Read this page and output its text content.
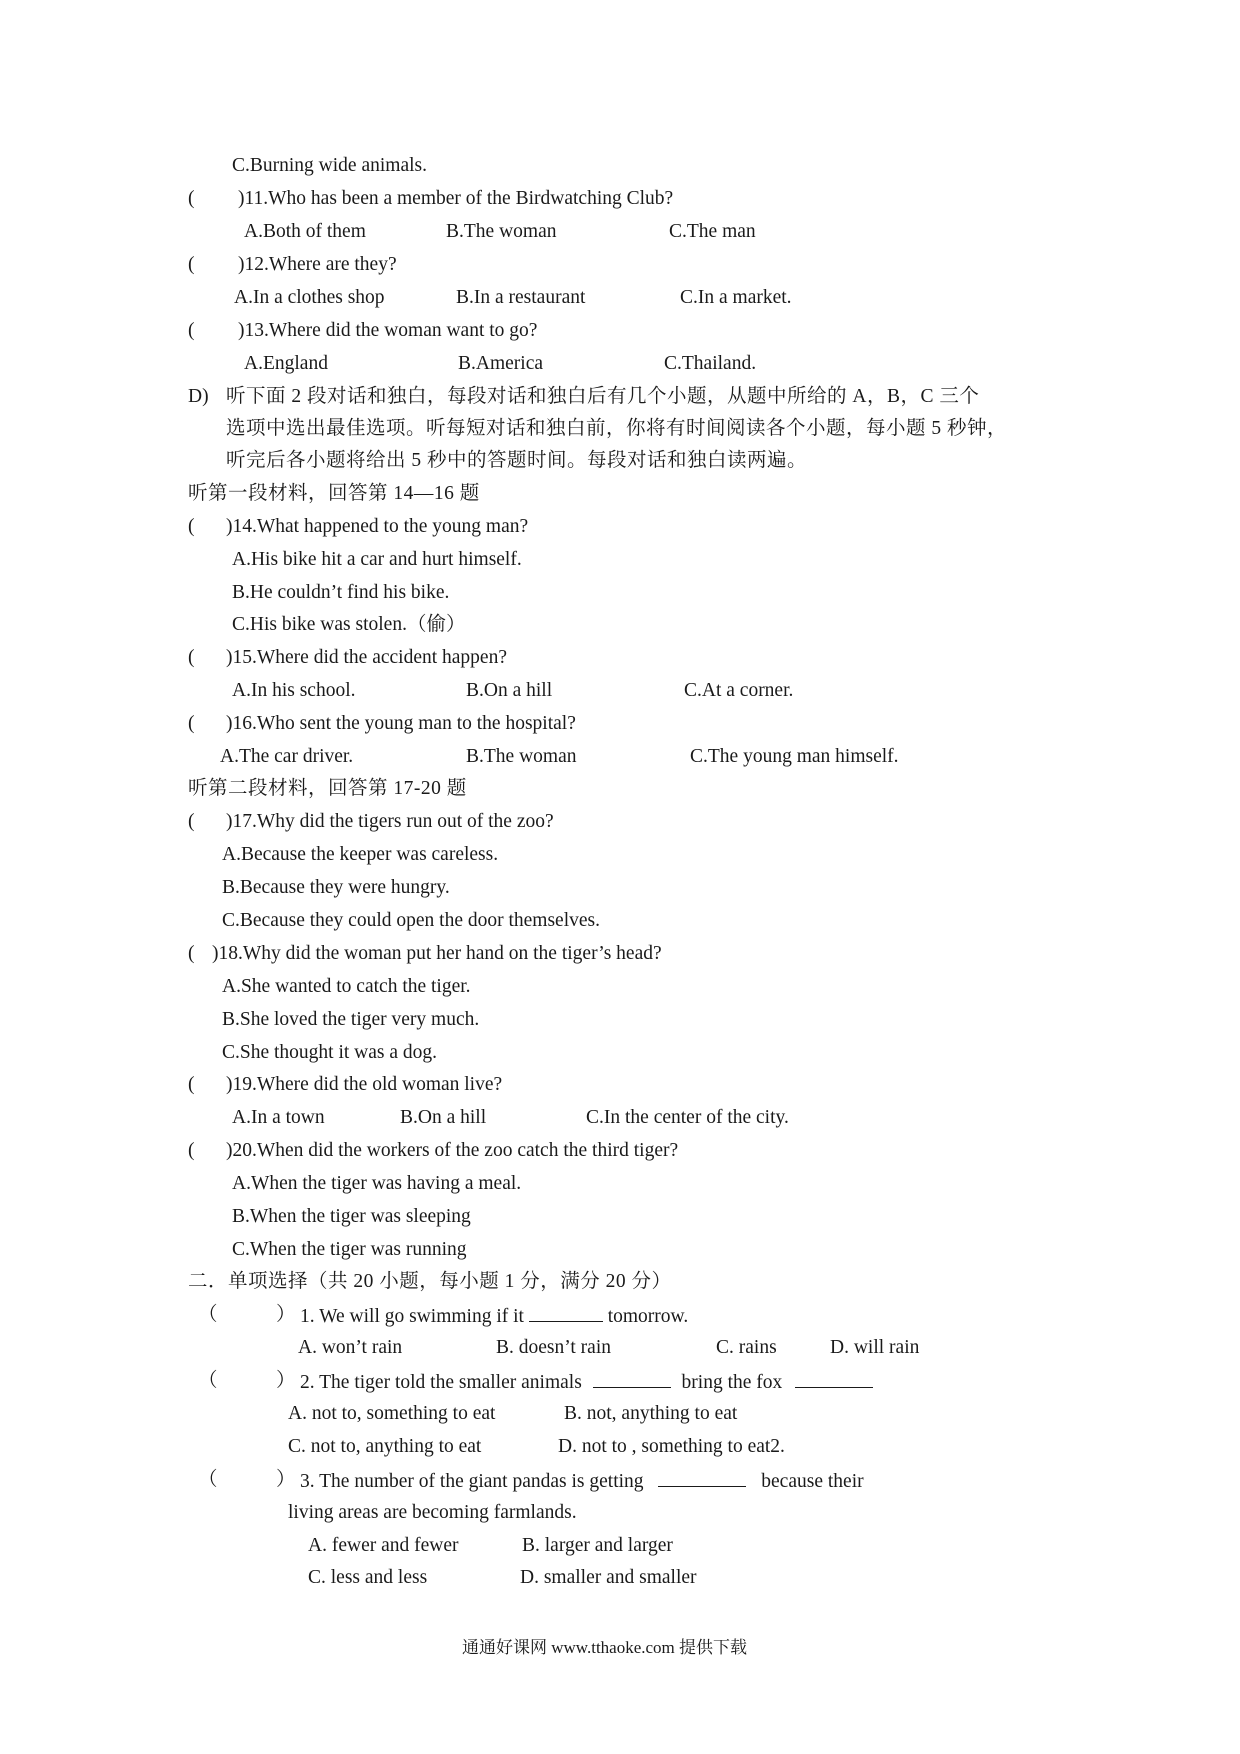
C.Burning wide animals.
( )11.Who has been a member of the Birdwatching Club?
A.Both of them	B.The woman	C.The man
( )12.Where are they?
A.In a clothes shop	B.In a restaurant	C.In a market.
( )13.Where did the woman want to go?
A.England	B.America	C.Thailand.
D) 听下面 2 段对话和独白，每段对话和独白后有几个小题，从题中所给的 A，B，C 三个
选项中选出最佳选项。听每短对话和独白前，你将有时间阅读各个小题，每小题 5 秒钟，
听完后各小题将给出 5 秒中的答题时间。每段对话和独白读两遍。
听第一段材料，回答第 14—16 题
( )14.What happened to the young man?
A.His bike hit a car and hurt himself.
B.He couldn’t find his bike.
C.His bike was stolen.（偷）
( )15.Where did the accident happen?
A.In his school.	B.On a hill	C.At a corner.
( )16.Who sent the young man to the hospital?
A.The car driver.	B.The woman	C.The young man himself.
听第二段材料，回答第 17-20 题
( )17.Why did the tigers run out of the zoo?
A.Because the keeper was careless.
B.Because they were hungry.
C.Because they could open the door themselves.
( )18.Why did the woman put her hand on the tiger’s head?
A.She wanted to catch the tiger.
B.She loved the tiger very much.
C.She thought it was a dog.
( )19.Where did the old woman live?
A.In a town	B.On a hill	C.In the center of the city.
( )20.When did the workers of the zoo catch the third tiger?
A.When the tiger was having a meal.
B.When the tiger was sleeping
C.When the tiger was running
二．单项选择（共 20 小题，每小题 1 分，满分 20 分）
（	） 1. We will go swimming if it	tomorrow.
A. won’t rain	B. doesn’t rain	C. rains	D. will rain
（	） 2. The tiger told the smaller animals	bring the fox
A. not to, something to eat	B. not, anything to eat
C. not to, anything to eat	D. not to , something to eat2.
（	） 3. The number of the giant pandas is getting	because their
living areas are becoming farmlands.
A. fewer and fewer	B. larger and larger
C. less and less	D. smaller and smaller
通通好课网 www.tthaoke.com 提供下载
